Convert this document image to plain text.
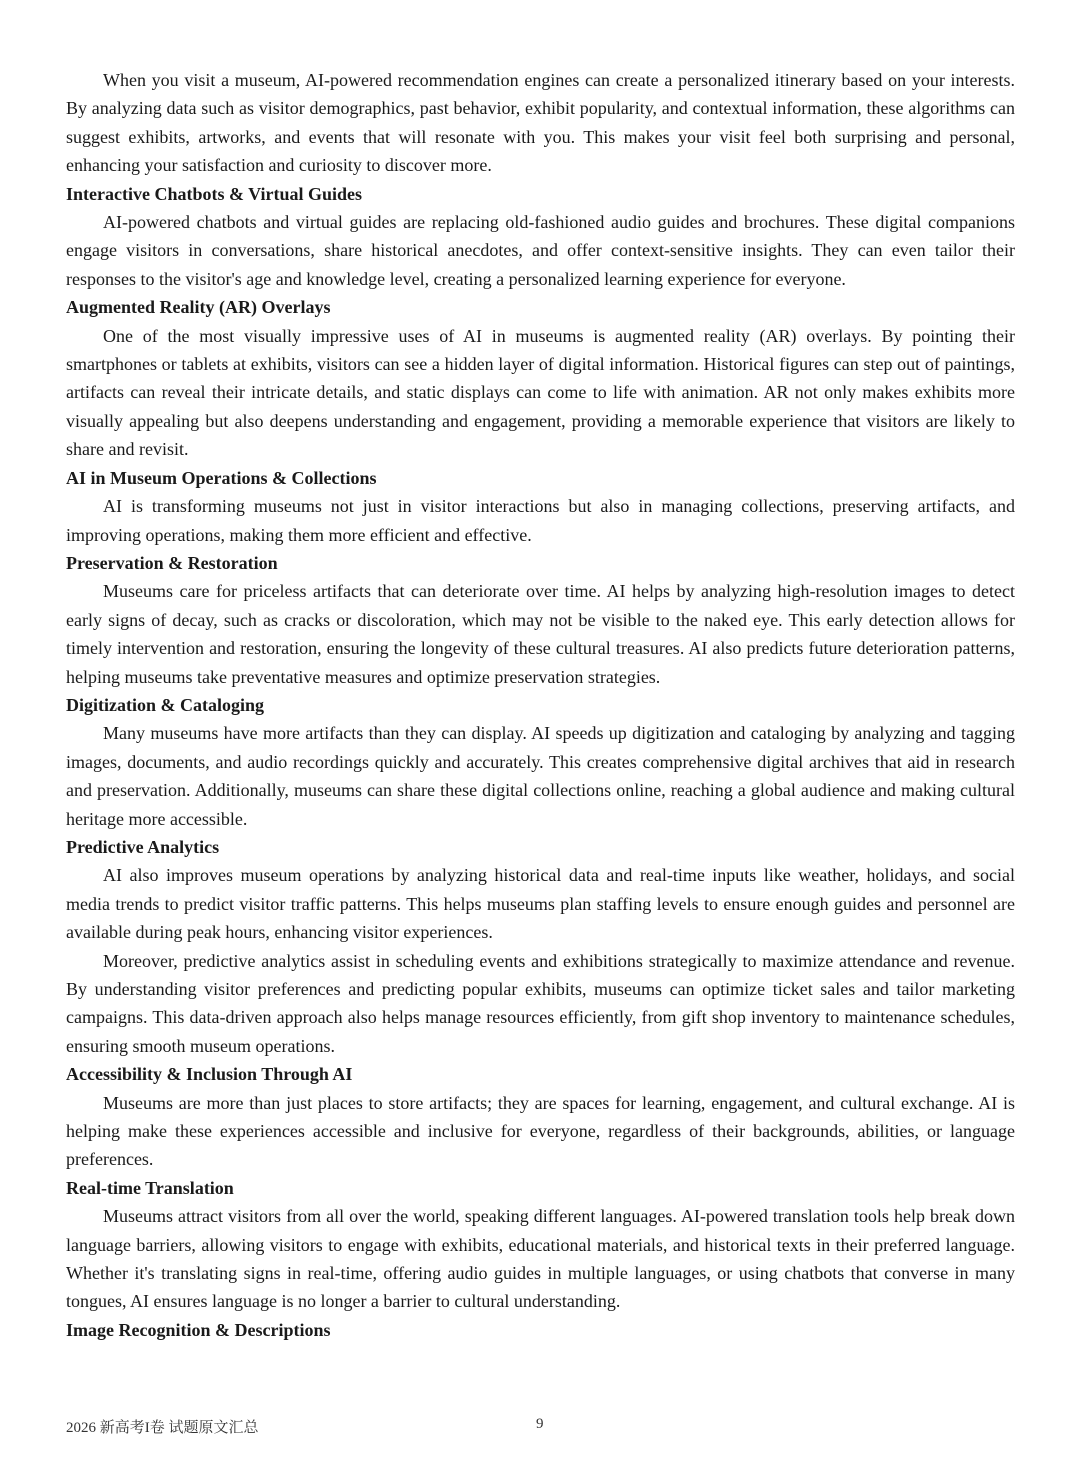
When you visit a museum, AI-powered recommendation engines can create a personalized itinerary based on your interests. By analyzing data such as visitor demographics, past behavior, exhibit popularity, and contextual information, these algorithms can suggest exhibits, artworks, and events that will resonate with you. This makes your visit feel both surprising and personal, enhancing your satisfaction and curiosity to discover more.

Interactive Chatbots & Virtual Guides

AI-powered chatbots and virtual guides are replacing old-fashioned audio guides and brochures. These digital companions engage visitors in conversations, share historical anecdotes, and offer context-sensitive insights. They can even tailor their responses to the visitor's age and knowledge level, creating a personalized learning experience for everyone.

Augmented Reality (AR) Overlays

One of the most visually impressive uses of AI in museums is augmented reality (AR) overlays. By pointing their smartphones or tablets at exhibits, visitors can see a hidden layer of digital information. Historical figures can step out of paintings, artifacts can reveal their intricate details, and static displays can come to life with animation. AR not only makes exhibits more visually appealing but also deepens understanding and engagement, providing a memorable experience that visitors are likely to share and revisit.

AI in Museum Operations & Collections

AI is transforming museums not just in visitor interactions but also in managing collections, preserving artifacts, and improving operations, making them more efficient and effective.

Preservation & Restoration

Museums care for priceless artifacts that can deteriorate over time. AI helps by analyzing high-resolution images to detect early signs of decay, such as cracks or discoloration, which may not be visible to the naked eye. This early detection allows for timely intervention and restoration, ensuring the longevity of these cultural treasures. AI also predicts future deterioration patterns, helping museums take preventative measures and optimize preservation strategies.

Digitization & Cataloging

Many museums have more artifacts than they can display. AI speeds up digitization and cataloging by analyzing and tagging images, documents, and audio recordings quickly and accurately. This creates comprehensive digital archives that aid in research and preservation. Additionally, museums can share these digital collections online, reaching a global audience and making cultural heritage more accessible.

Predictive Analytics

AI also improves museum operations by analyzing historical data and real-time inputs like weather, holidays, and social media trends to predict visitor traffic patterns. This helps museums plan staffing levels to ensure enough guides and personnel are available during peak hours, enhancing visitor experiences.

Moreover, predictive analytics assist in scheduling events and exhibitions strategically to maximize attendance and revenue. By understanding visitor preferences and predicting popular exhibits, museums can optimize ticket sales and tailor marketing campaigns. This data-driven approach also helps manage resources efficiently, from gift shop inventory to maintenance schedules, ensuring smooth museum operations.

Accessibility & Inclusion Through AI

Museums are more than just places to store artifacts; they are spaces for learning, engagement, and cultural exchange. AI is helping make these experiences accessible and inclusive for everyone, regardless of their backgrounds, abilities, or language preferences.

Real-time Translation

Museums attract visitors from all over the world, speaking different languages. AI-powered translation tools help break down language barriers, allowing visitors to engage with exhibits, educational materials, and historical texts in their preferred language. Whether it's translating signs in real-time, offering audio guides in multiple languages, or using chatbots that converse in many tongues, AI ensures language is no longer a barrier to cultural understanding.

Image Recognition & Descriptions

2026 新高考I卷 试题原文汇总	9
